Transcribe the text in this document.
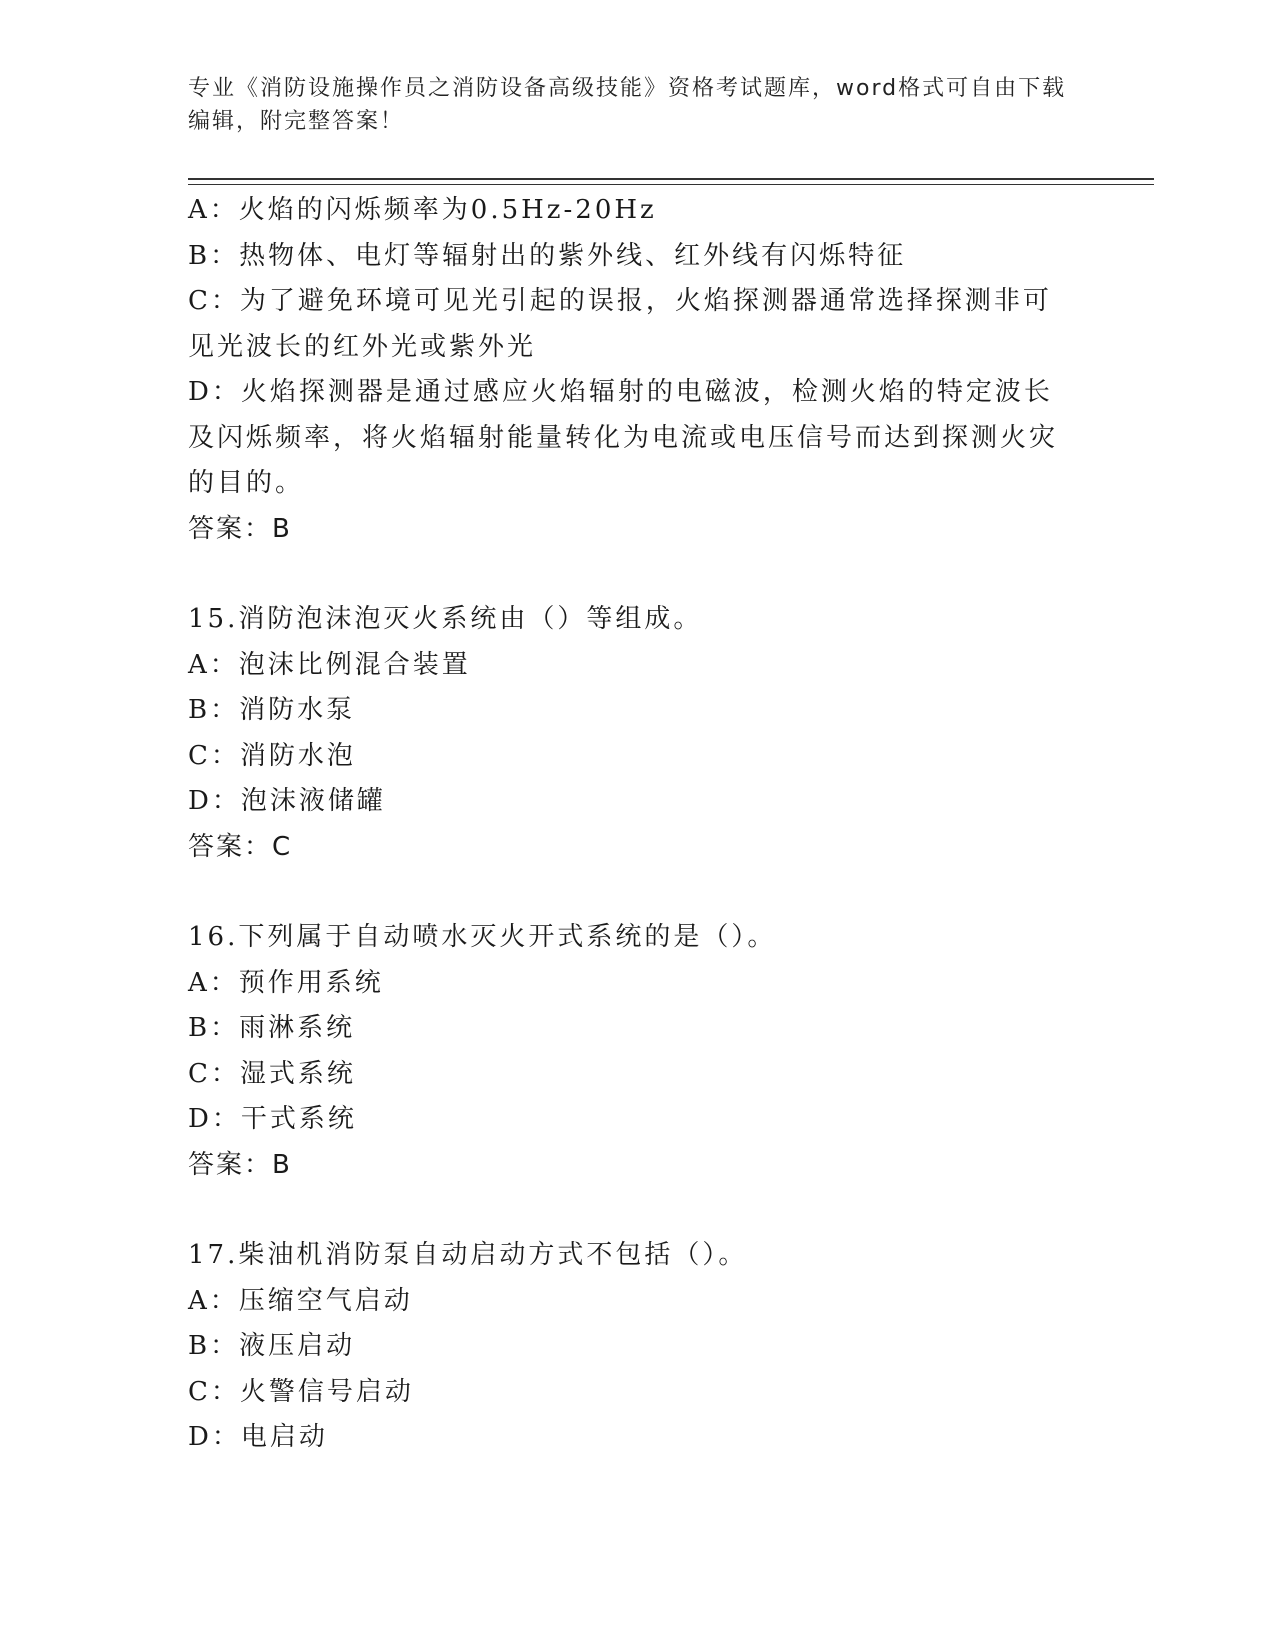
专业《消防设施操作员之消防设备高级技能》资格考试题库，word格式可自由下载编辑，附完整答案！

A：火焰的闪烁频率为0.5Hz-20Hz

B：热物体、电灯等辐射出的紫外线、红外线有闪烁特征

C：为了避免环境可见光引起的误报，火焰探测器通常选择探测非可见光波长的红外光或紫外光

D：火焰探测器是通过感应火焰辐射的电磁波，检测火焰的特定波长及闪烁频率，将火焰辐射能量转化为电流或电压信号而达到探测火灾的目的。

答案：B

15.消防泡沫泡灭火系统由（）等组成。

A：泡沫比例混合装置

B：消防水泵

C：消防水泡

D：泡沫液储罐

答案：C

16.下列属于自动喷水灭火开式系统的是（）。

A：预作用系统

B：雨淋系统

C：湿式系统

D：干式系统

答案：B

17.柴油机消防泵自动启动方式不包括（）。

A：压缩空气启动

B：液压启动

C：火警信号启动

D：电启动
